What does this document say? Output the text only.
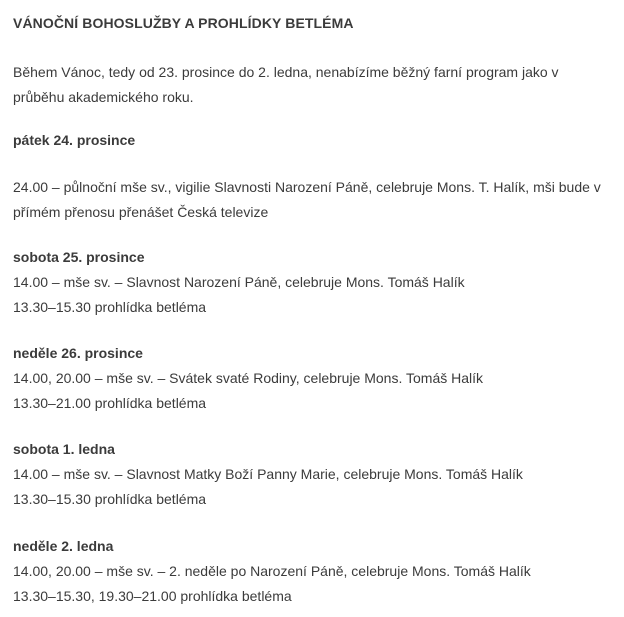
VÁNOČNÍ BOHOSLUŽBY A PROHLÍDKY BETLÉMA
Během Vánoc, tedy od 23. prosince do 2. ledna, nenabízíme běžný farní program jako v průběhu akademického roku.
pátek 24. prosince
24.00 – půlnoční mše sv., vigilie Slavnosti Narození Páně, celebruje Mons. T. Halík, mši bude v přímém přenosu přenášet Česká televize
sobota 25. prosince
14.00 – mše sv. – Slavnost Narození Páně, celebruje Mons. Tomáš Halík
13.30–15.30 prohlídka betléma
neděle 26. prosince
14.00, 20.00 – mše sv. – Svátek svaté Rodiny, celebruje Mons. Tomáš Halík
13.30–21.00 prohlídka betléma
sobota 1. ledna
14.00 – mše sv. – Slavnost Matky Boží Panny Marie, celebruje Mons. Tomáš Halík
13.30–15.30 prohlídka betléma
neděle 2. ledna
14.00, 20.00 – mše sv. – 2. neděle po Narození Páně, celebruje Mons. Tomáš Halík
13.30–15.30, 19.30–21.00 prohlídka betléma
